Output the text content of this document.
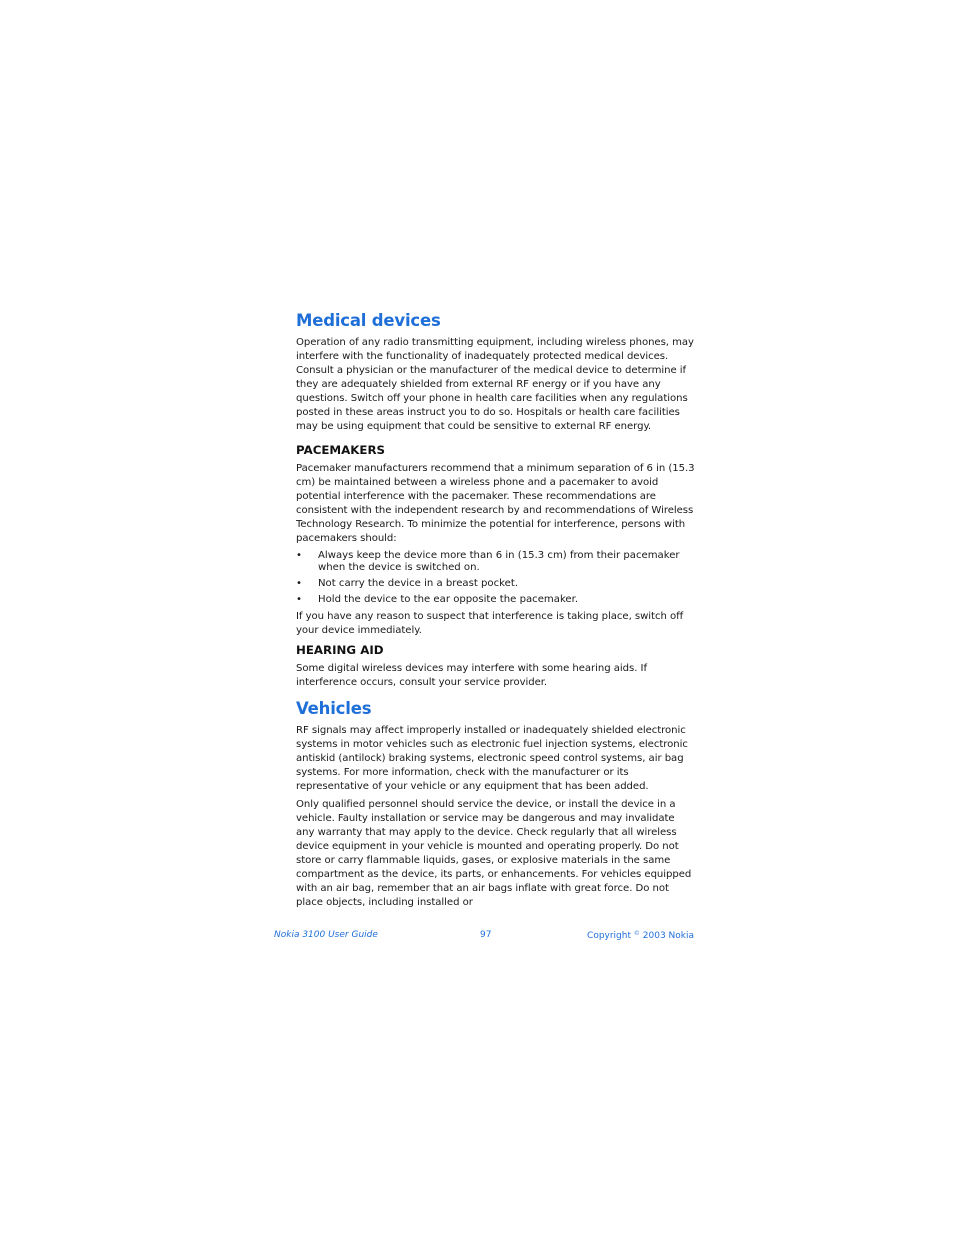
Medical devices

Operation of any radio transmitting equipment, including wireless phones, may interfere with the functionality of inadequately protected medical devices. Consult a physician or the manufacturer of the medical device to determine if they are adequately shielded from external RF energy or if you have any questions. Switch off your phone in health care facilities when any regulations posted in these areas instruct you to do so. Hospitals or health care facilities may be using equipment that could be sensitive to external RF energy.

PACEMAKERS

Pacemaker manufacturers recommend that a minimum separation of 6 in (15.3 cm) be maintained between a wireless phone and a pacemaker to avoid potential interference with the pacemaker. These recommendations are consistent with the independent research by and recommendations of Wireless Technology Research. To minimize the potential for interference, persons with pacemakers should:

•	Always keep the device more than 6 in (15.3 cm) from their pacemaker when the device is switched on.
•	Not carry the device in a breast pocket.
•	Hold the device to the ear opposite the pacemaker.

If you have any reason to suspect that interference is taking place, switch off your device immediately.

HEARING AID

Some digital wireless devices may interfere with some hearing aids. If interference occurs, consult your service provider.

Vehicles

RF signals may affect improperly installed or inadequately shielded electronic systems in motor vehicles such as electronic fuel injection systems, electronic antiskid (antilock) braking systems, electronic speed control systems, air bag systems. For more information, check with the manufacturer or its representative of your vehicle or any equipment that has been added.

Only qualified personnel should service the device, or install the device in a vehicle. Faulty installation or service may be dangerous and may invalidate any warranty that may apply to the device. Check regularly that all wireless device equipment in your vehicle is mounted and operating properly. Do not store or carry flammable liquids, gases, or explosive materials in the same compartment as the device, its parts, or enhancements. For vehicles equipped with an air bag, remember that an air bags inflate with great force. Do not place objects, including installed or

Nokia 3100 User Guide	97	Copyright © 2003 Nokia
